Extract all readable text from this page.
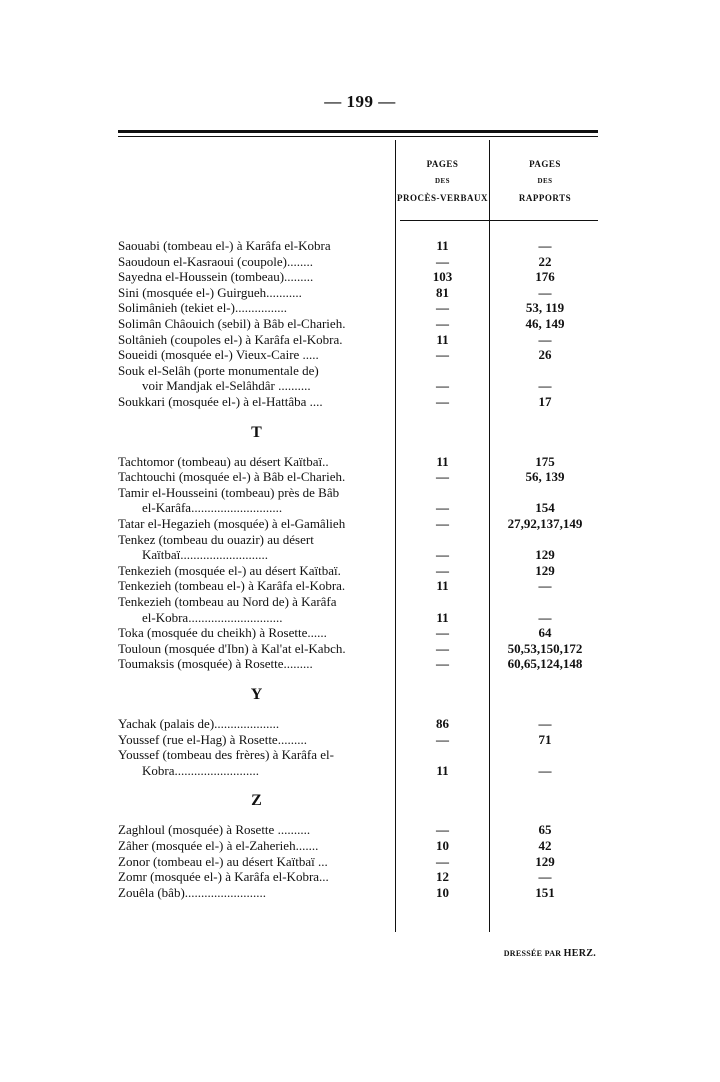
— 199 —
PAGES
DES
PROCÈS-VERBAUX
PAGES
DES
RAPPORTS
Saouabi (tombeau el-) à Karâfa el-Kobra	11	—
Saoudoun el-Kasraoui (coupole)........	—	22
Sayedna el-Houssein (tombeau).........	103	176
Sini (mosquée el-) Guirgueh...........	81	—
Solimânieh (tekiet el-)................	—	53, 119
Solimân Châouich (sebil) à Bâb el-Charieh.	—	46, 149
Soltânieh (coupoles el-) à Karâfa el-Kobra.	11	—
Soueidi (mosquée el-) Vieux-Caire .....	—	26
Souk el-Selâh (porte monumentale de)
voir Mandjak el-Selâhdâr ..........	—	—
Soukkari (mosquée el-) à el-Hattâba ....	—	17
T
Tachtomor (tombeau) au désert Kaïtbaï..	11	175
Tachtouchi (mosquée el-) à Bâb el-Charieh.	—	56, 139
Tamir el-Housseini (tombeau) près de Bâb
el-Karâfa............................	—	154
Tatar el-Hegazieh (mosquée) à el-Gamâlieh	—	27,92,137,149
Tenkez (tombeau du ouazir) au désert
Kaïtbaï...........................	—	129
Tenkezieh (mosquée el-) au désert Kaïtbaï.	—	129
Tenkezieh (tombeau el-) à Karâfa el-Kobra.	11	—
Tenkezieh (tombeau au Nord de) à Karâfa
el-Kobra.............................	11	—
Toka (mosquée du cheikh) à Rosette......	—	64
Touloun (mosquée d'Ibn) à Kal'at el-Kabch.	—	50,53,150,172
Toumaksis (mosquée) à Rosette.........	—	60,65,124,148
Y
Yachak (palais de)....................	86	—
Youssef (rue el-Hag) à Rosette.........	—	71
Youssef (tombeau des frères) à Karâfa el-
Kobra..........................	11	—
Z
Zaghloul (mosquée) à Rosette ..........	—	65
Zâher (mosquée el-) à el-Zaherieh.......	10	42
Zonor (tombeau el-) au désert Kaïtbaï ...	—	129
Zomr (mosquée el-) à Karâfa el-Kobra...	12	—
Zouêla (bâb).........................	10	151
DRESSÉE PAR HERZ.
